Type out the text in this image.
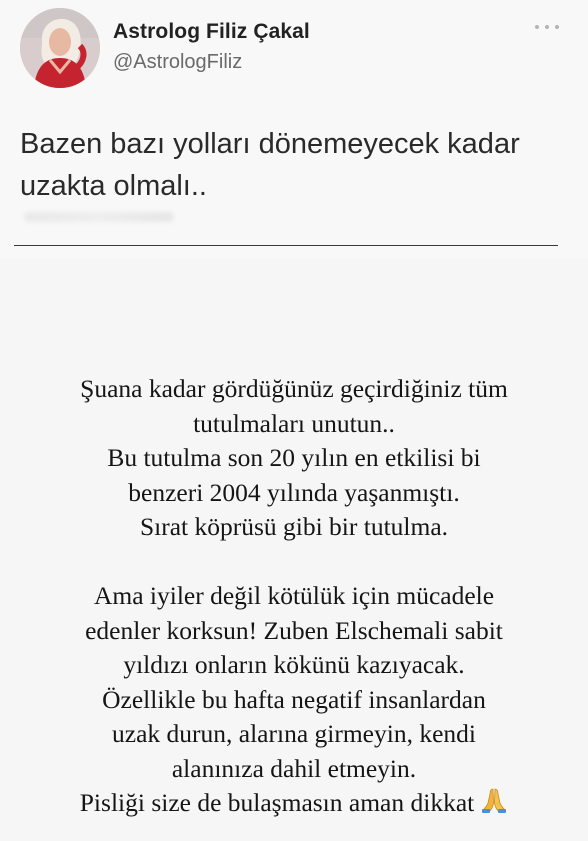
Astrolog Filiz Çakal
@AstrologFiliz
Bazen bazı yolları dönemeyecek kadar
uzakta olmalı..
Şuana kadar gördüğünüz geçirdiğiniz tüm
tutulmaları unutun..
Bu tutulma son 20 yılın en etkilisi bi
benzeri 2004 yılında yaşanmıştı.
Sırat köprüsü gibi bir tutulma.
Ama iyiler değil kötülük için mücadele
edenler korksun! Zuben Elschemali sabit
yıldızı onların kökünü kazıyacak.
Özellikle bu hafta negatif insanlardan
uzak durun, alarına girmeyin, kendi
alanınıza dahil etmeyin.
Pisliği size de bulaşmasın aman dikkat
